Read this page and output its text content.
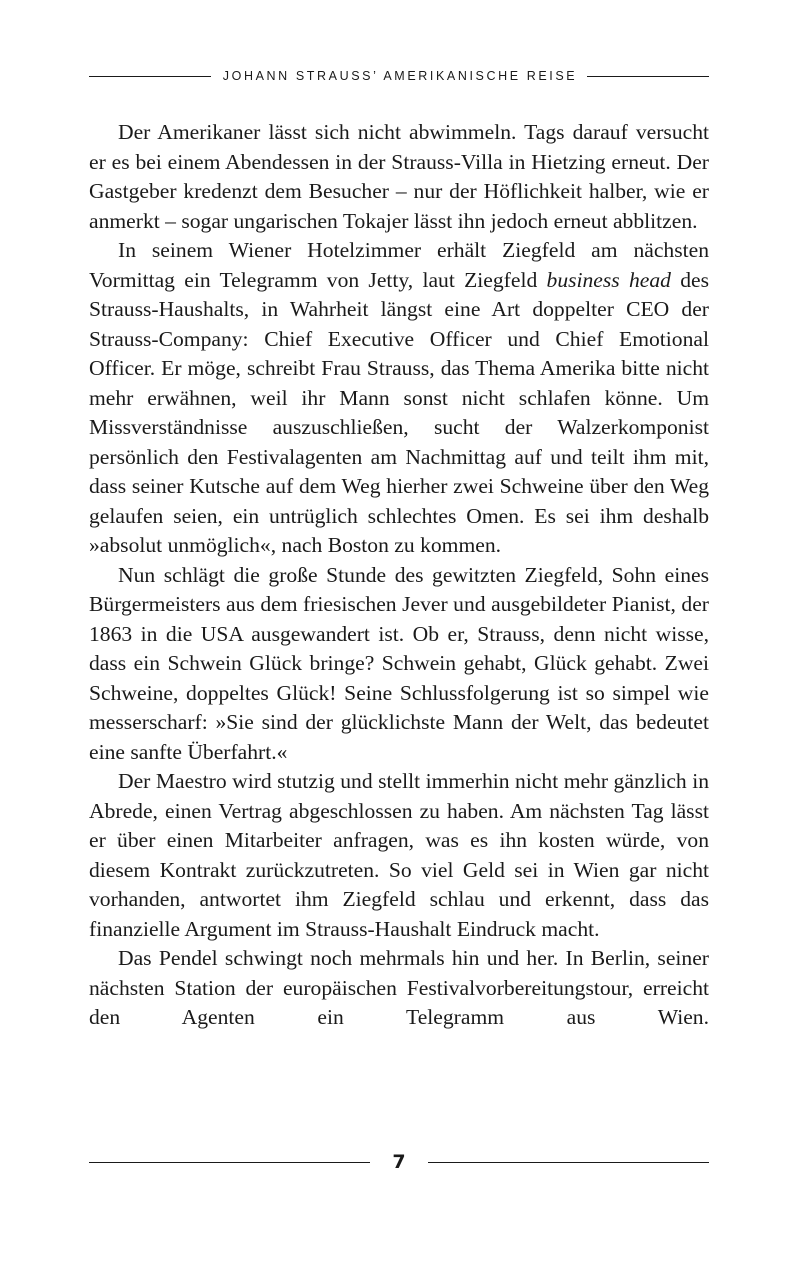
JOHANN STRAUSS’ AMERIKANISCHE REISE

Der Amerikaner lässt sich nicht abwimmeln. Tags darauf versucht er es bei einem Abendessen in der Strauss-Villa in Hietzing erneut. Der Gastgeber kredenzt dem Besucher – nur der Höflichkeit halber, wie er anmerkt – sogar ungarischen Tokajer lässt ihn jedoch erneut abblitzen.

In seinem Wiener Hotelzimmer erhält Ziegfeld am nächsten Vormittag ein Telegramm von Jetty, laut Ziegfeld business head des Strauss-Haushalts, in Wahrheit längst eine Art doppelter CEO der Strauss-Company: Chief Executive Officer und Chief Emotional Officer. Er möge, schreibt Frau Strauss, das Thema Amerika bitte nicht mehr erwähnen, weil ihr Mann sonst nicht schlafen könne. Um Missverständnisse auszuschließen, sucht der Walzerkomponist persönlich den Festivalagenten am Nachmittag auf und teilt ihm mit, dass seiner Kutsche auf dem Weg hierher zwei Schweine über den Weg gelaufen seien, ein untrüglich schlechtes Omen. Es sei ihm deshalb »absolut unmöglich«, nach Boston zu kommen.

Nun schlägt die große Stunde des gewitzten Ziegfeld, Sohn eines Bürgermeisters aus dem friesischen Jever und ausgebildeter Pianist, der 1863 in die USA ausgewandert ist. Ob er, Strauss, denn nicht wisse, dass ein Schwein Glück bringe? Schwein gehabt, Glück gehabt. Zwei Schweine, doppeltes Glück! Seine Schlussfolgerung ist so simpel wie messerscharf: »Sie sind der glücklichste Mann der Welt, das bedeutet eine sanfte Überfahrt.«

Der Maestro wird stutzig und stellt immerhin nicht mehr gänzlich in Abrede, einen Vertrag abgeschlossen zu haben. Am nächsten Tag lässt er über einen Mitarbeiter anfragen, was es ihn kosten würde, von diesem Kontrakt zurückzutreten. So viel Geld sei in Wien gar nicht vorhanden, antwortet ihm Ziegfeld schlau und erkennt, dass das finanzielle Argument im Strauss-Haushalt Eindruck macht.

Das Pendel schwingt noch mehrmals hin und her. In Berlin, seiner nächsten Station der europäischen Festivalvorbereitungstour, erreicht den Agenten ein Telegramm aus Wien.

7
